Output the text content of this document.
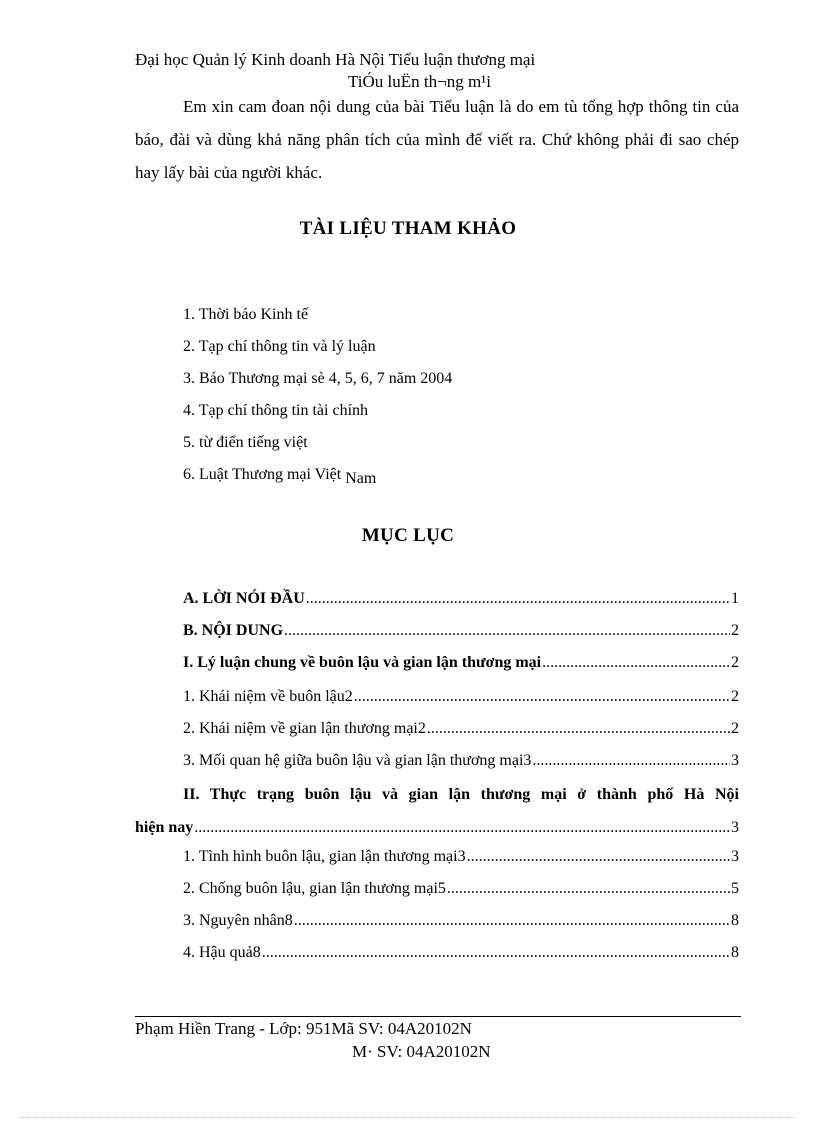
Đại học Quản lý Kinh doanh Hà Nội Tiểu luận thương mại
TiÓu luËn th¬ng m¹i
Em xin cam đoan nội dung của bài Tiểu luận là do em tù tổng hợp thông tin của báo, đài và dùng khả năng phân tích của mình để viết ra. Chứ không phải đi sao chép hay lấy bài của người khác.
TÀI LIỆU THAM KHẢO
1. Thời báo Kinh tế
2. Tạp chí thông tin và lý luận
3. Báo Thương mại sè 4, 5, 6, 7 năm 2004
4. Tạp chí thông tin tài chính
5. từ điển tiếng việt
6. Luật Thương mại Việt Nam
MỤC LỤC
A. LỜI NÓI ĐẦU .....	1
B. NỘI DUNG .....	2
I. Lý luận chung về buôn lậu và gian lận thương mại .....	2
1. Khái niệm về buôn lậu2 .....	2
2. Khái niệm về gian lận thương mại2 .....	2
3. Mối quan hệ giữa buôn lậu và gian lận thương mại3 .....	3
II. Thực trạng buôn lậu và gian lận thương mại ở thành phố Hà Nội
hiện nay .....	3
1. Tình hình buôn lậu, gian lận thương mại3 .....	3
2. Chống buôn lậu, gian lận thương mại5 .....	5
3. Nguyên nhân8 .....	8
4. Hậu quả8 .....	8
Phạm Hiền Trang - Lớp: 951Mã SV: 04A20102N
M· SV: 04A20102N
